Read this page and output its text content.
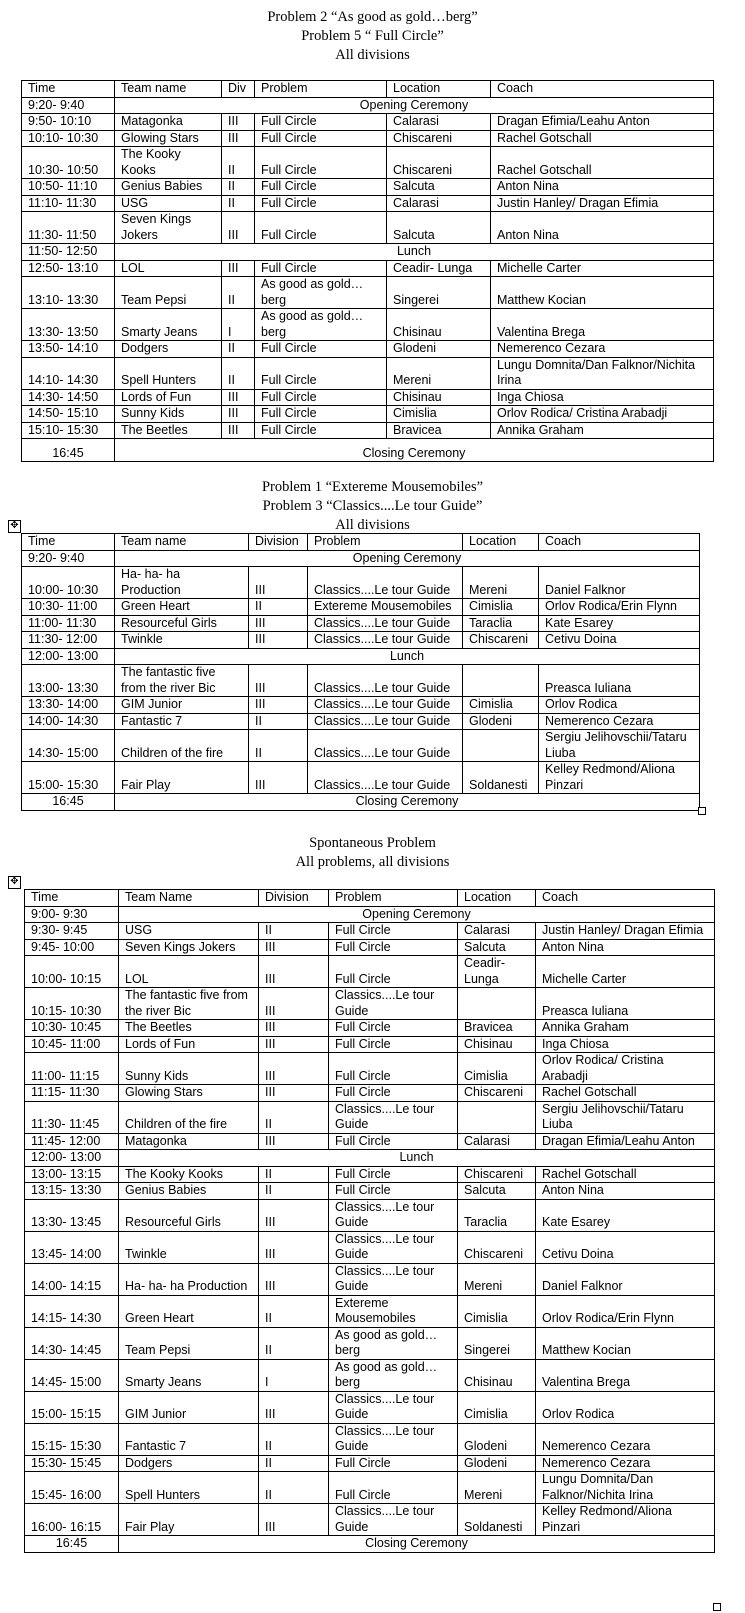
Problem 2 “As good as gold…berg”
Problem 5 “ Full Circle”
All divisions
Time	Team name	Div	Problem	Location	Coach
9:20- 9:40	Opening Ceremony				
9:50- 10:10	Matagonka	III	Full Circle	Calarasi	Dragan Efimia/Leahu Anton
10:10- 10:30	Glowing Stars	III	Full Circle	Chiscareni	Rachel Gotschall
10:30- 10:50	The Kooky Kooks	II	Full Circle	Chiscareni	Rachel Gotschall
10:50- 11:10	Genius Babies	II	Full Circle	Salcuta	Anton Nina
11:10- 11:30	USG	II	Full Circle	Calarasi	Justin Hanley/ Dragan Efimia
11:30- 11:50	Seven Kings Jokers	III	Full Circle	Salcuta	Anton Nina
11:50- 12:50	Lunch				
12:50- 13:10	LOL	III	Full Circle	Ceadir- Lunga	Michelle Carter
13:10- 13:30	Team Pepsi	II	As good as gold…berg	Singerei	Matthew Kocian
13:30- 13:50	Smarty Jeans	I	As good as gold…berg	Chisinau	Valentina Brega
13:50- 14:10	Dodgers	II	Full Circle	Glodeni	Nemerenco Cezara
14:10- 14:30	Spell Hunters	II	Full Circle	Mereni	Lungu Domnita/Dan Falknor/Nichita Irina
14:30- 14:50	Lords of Fun	III	Full Circle	Chisinau	Inga Chiosa
14:50- 15:10	Sunny Kids	III	Full Circle	Cimislia	Orlov Rodica/ Cristina Arabadji
15:10- 15:30	The Beetles	III	Full Circle	Bravicea	Annika Graham
16:45	Closing Ceremony				
Problem 1 “Extereme Mousemobiles”
Problem 3 “Classics....Le tour Guide”
All divisions
✥
Time	Team name	Division	Problem	Location	Coach
9:20- 9:40	Opening Ceremony				
10:00- 10:30	Ha- ha- ha Production	III	Classics....Le tour Guide	Mereni	Daniel Falknor
10:30- 11:00	Green Heart	II	Extereme Mousemobiles	Cimislia	Orlov Rodica/Erin Flynn
11:00- 11:30	Resourceful Girls	III	Classics....Le tour Guide	Taraclia	Kate Esarey
11:30- 12:00	Twinkle	III	Classics....Le tour Guide	Chiscareni	Cetivu Doina
12:00- 13:00	Lunch				
13:00- 13:30	The fantastic five from the river Bic	III	Classics....Le tour Guide		Preasca Iuliana
13:30- 14:00	GIM Junior	III	Classics....Le tour Guide	Cimislia	Orlov Rodica
14:00- 14:30	Fantastic 7	II	Classics....Le tour Guide	Glodeni	Nemerenco Cezara
14:30- 15:00	Children of the fire	II	Classics....Le tour Guide		Sergiu Jelihovschii/Tataru Liuba
15:00- 15:30	Fair Play	III	Classics....Le tour Guide	Soldanesti	Kelley Redmond/Aliona Pinzari
16:45	Closing Ceremony				
Spontaneous Problem
All problems, all divisions
✥
Time	Team Name	Division	Problem	Location	Coach
9:00- 9:30	Opening Ceremony				
9:30- 9:45	USG	II	Full Circle	Calarasi	Justin Hanley/ Dragan Efimia
9:45- 10:00	Seven Kings Jokers	III	Full Circle	Salcuta	Anton Nina
10:00- 10:15	LOL	III	Full Circle	Ceadir- Lunga	Michelle Carter
10:15- 10:30	The fantastic five from the river Bic	III	Classics....Le tour Guide		Preasca Iuliana
10:30- 10:45	The Beetles	III	Full Circle	Bravicea	Annika Graham
10:45- 11:00	Lords of Fun	III	Full Circle	Chisinau	Inga Chiosa
11:00- 11:15	Sunny Kids	III	Full Circle	Cimislia	Orlov Rodica/ Cristina Arabadji
11:15- 11:30	Glowing Stars	III	Full Circle	Chiscareni	Rachel Gotschall
11:30- 11:45	Children of the fire	II	Classics....Le tour Guide		Sergiu Jelihovschii/Tataru Liuba
11:45- 12:00	Matagonka	III	Full Circle	Calarasi	Dragan Efimia/Leahu Anton
12:00- 13:00	Lunch				
13:00- 13:15	The Kooky Kooks	II	Full Circle	Chiscareni	Rachel Gotschall
13:15- 13:30	Genius Babies	II	Full Circle	Salcuta	Anton Nina
13:30- 13:45	Resourceful Girls	III	Classics....Le tour Guide	Taraclia	Kate Esarey
13:45- 14:00	Twinkle	III	Classics....Le tour Guide	Chiscareni	Cetivu Doina
14:00- 14:15	Ha- ha- ha Production	III	Classics....Le tour Guide	Mereni	Daniel Falknor
14:15- 14:30	Green Heart	II	Extereme Mousemobiles	Cimislia	Orlov Rodica/Erin Flynn
14:30- 14:45	Team Pepsi	II	As good as gold…berg	Singerei	Matthew Kocian
14:45- 15:00	Smarty Jeans	I	As good as gold…berg	Chisinau	Valentina Brega
15:00- 15:15	GIM Junior	III	Classics....Le tour Guide	Cimislia	Orlov Rodica
15:15- 15:30	Fantastic 7	II	Classics....Le tour Guide	Glodeni	Nemerenco Cezara
15:30- 15:45	Dodgers	II	Full Circle	Glodeni	Nemerenco Cezara
15:45- 16:00	Spell Hunters	II	Full Circle	Mereni	Lungu Domnita/Dan Falknor/Nichita Irina
16:00- 16:15	Fair Play	III	Classics....Le tour Guide	Soldanesti	Kelley Redmond/Aliona Pinzari
16:45	Closing Ceremony				
